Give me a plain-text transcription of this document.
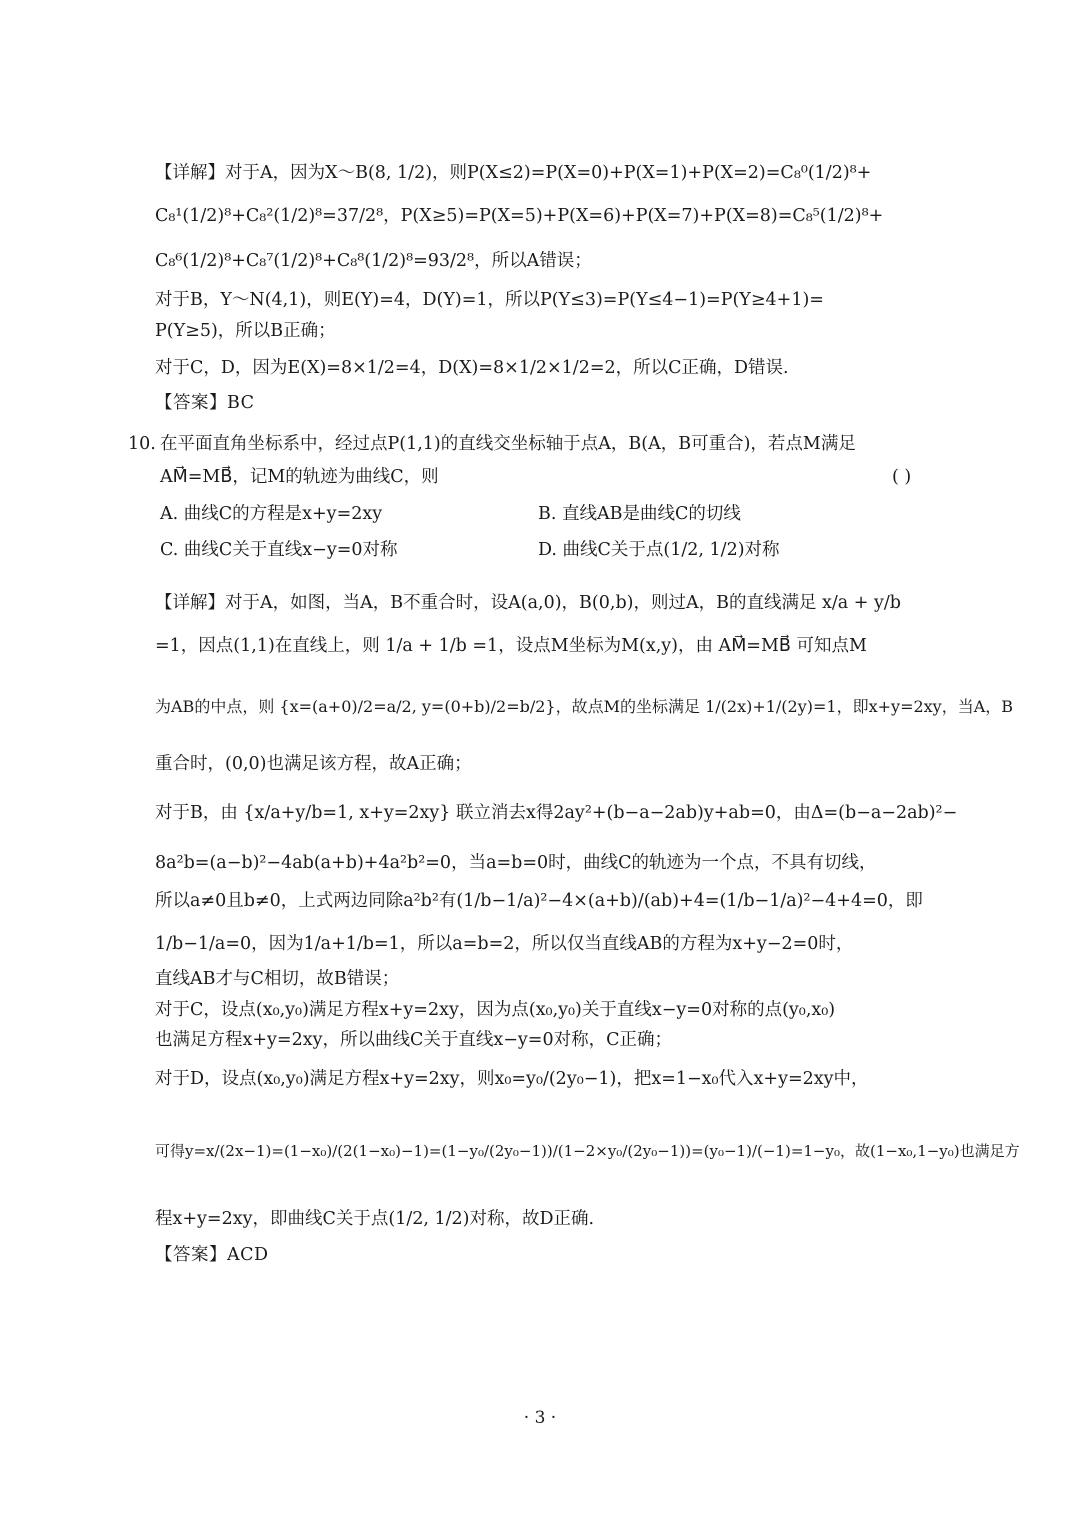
【详解】对于A，因为X～B(8, 1/2)，则P(X≤2)=P(X=0)+P(X=1)+P(X=2)=C₈⁰(1/2)⁸+
C₈¹(1/2)⁸+C₈²(1/2)⁸=37/2⁸，P(X≥5)=P(X=5)+P(X=6)+P(X=7)+P(X=8)=C₈⁵(1/2)⁸+
C₈⁶(1/2)⁸+C₈⁷(1/2)⁸+C₈⁸(1/2)⁸=93/2⁸，所以A错误；
对于B，Y～N(4,1)，则E(Y)=4，D(Y)=1，所以P(Y≤3)=P(Y≤4−1)=P(Y≥4+1)=
P(Y≥5)，所以B正确；
对于C，D，因为E(X)=8×1/2=4，D(X)=8×1/2×1/2=2，所以C正确，D错误.
【答案】BC
10. 在平面直角坐标系中，经过点P(1,1)的直线交坐标轴于点A，B(A，B可重合)，若点M满足
AM⃗=MB⃗，记M的轨迹为曲线C，则	( )
A. 曲线C的方程是x+y=2xy	B. 直线AB是曲线C的切线
C. 曲线C关于直线x−y=0对称	D. 曲线C关于点(1/2, 1/2)对称
【详解】对于A，如图，当A，B不重合时，设A(a,0)，B(0,b)，则过A，B的直线满足 x/a + y/b
=1，因点(1,1)在直线上，则 1/a + 1/b =1，设点M坐标为M(x,y)，由 AM⃗=MB⃗ 可知点M
为AB的中点，则 {x=(a+0)/2=a/2, y=(0+b)/2=b/2}，故点M的坐标满足 1/(2x)+1/(2y)=1，即x+y=2xy，当A，B
重合时，(0,0)也满足该方程，故A正确；
对于B，由 {x/a+y/b=1, x+y=2xy} 联立消去x得2ay²+(b−a−2ab)y+ab=0，由Δ=(b−a−2ab)²−
8a²b=(a−b)²−4ab(a+b)+4a²b²=0，当a=b=0时，曲线C的轨迹为一个点，不具有切线，
所以a≠0且b≠0，上式两边同除a²b²有(1/b−1/a)²−4×(a+b)/(ab)+4=(1/b−1/a)²−4+4=0，即
1/b−1/a=0，因为1/a+1/b=1，所以a=b=2，所以仅当直线AB的方程为x+y−2=0时，
直线AB才与C相切，故B错误；
对于C，设点(x₀,y₀)满足方程x+y=2xy，因为点(x₀,y₀)关于直线x−y=0对称的点(y₀,x₀)
也满足方程x+y=2xy，所以曲线C关于直线x−y=0对称，C正确；
对于D，设点(x₀,y₀)满足方程x+y=2xy，则x₀=y₀/(2y₀−1)，把x=1−x₀代入x+y=2xy中，
可得y=x/(2x−1)=(1−x₀)/(2(1−x₀)−1)=(1−y₀/(2y₀−1))/(1−2×y₀/(2y₀−1))=(y₀−1)/(−1)=1−y₀，故(1−x₀,1−y₀)也满足方
程x+y=2xy，即曲线C关于点(1/2, 1/2)对称，故D正确.
【答案】ACD
· 3 ·
